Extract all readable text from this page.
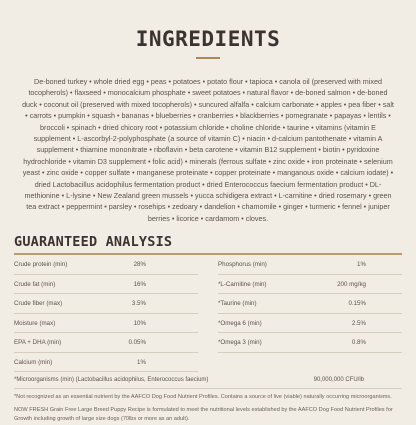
INGREDIENTS

De-boned turkey • whole dried egg • peas • potatoes • potato flour • tapioca • canola oil (preserved with mixed tocopherols) • flaxseed • monocalcium phosphate • sweet potatoes • natural flavor • de-boned salmon • de-boned duck • coconut oil (preserved with mixed tocopherols) • suncured alfalfa • calcium carbonate • apples • pea fiber • salt • carrots • pumpkin • squash • bananas • blueberries • cranberries • blackberries • pomegranate • papayas • lentils • broccoli • spinach • dried chicory root • potassium chloride • choline chloride • taurine • vitamins (vitamin E supplement • L-ascorbyl-2-polyphosphate (a source of vitamin C) • niacin • d-calcium pantothenate • vitamin A supplement • thiamine mononitrate • riboflavin • beta carotene • vitamin B12 supplement • biotin • pyridoxine hydrochloride • vitamin D3 supplement • folic acid) • minerals (ferrous sulfate • zinc oxide • iron proteinate • selenium yeast • zinc oxide • copper sulfate • manganese proteinate • copper proteinate • manganous oxide • calcium iodate) • dried Lactobacillus acidophilus fermentation product • dried Enterococcus faecium fermentation product • DL-methionine • L-lysine • New Zealand green mussels • yucca schidigera extract • L-carnitine • dried rosemary • green tea extract • peppermint • parsley • rosehips • zedoary • dandelion • chamomile • ginger • turmeric • fennel • juniper berries • licorice • cardamom • cloves.

GUARANTEED ANALYSIS
Crude protein (min)	28%
Crude fat (min)	16%
Crude fiber (max)	3.5%
Moisture (max)	10%
EPA + DHA (min)	0.05%
Calcium (min)	1%
Phosphorus (min)	1%
*L-Carnitine (min)	200 mg/kg
*Taurine (min)	0.15%
*Omega 6 (min)	2.5%
*Omega 3 (min)	0.8%
*Microorganisms (min) (Lactobacillus acidophilus, Enterococcus faecium)	90,000,000 CFU/lb

*Not recognized as an essential nutrient by the AAFCO Dog Food Nutrient Profiles. Contains a source of live (viable) naturally occurring microorganisms.

NOW FRESH Grain Free Large Breed Puppy Recipe is formulated to meet the nutritional levels established by the AAFCO Dog Food Nutrient Profiles for Growth including growth of large size dogs (70lbs or more as an adult).
